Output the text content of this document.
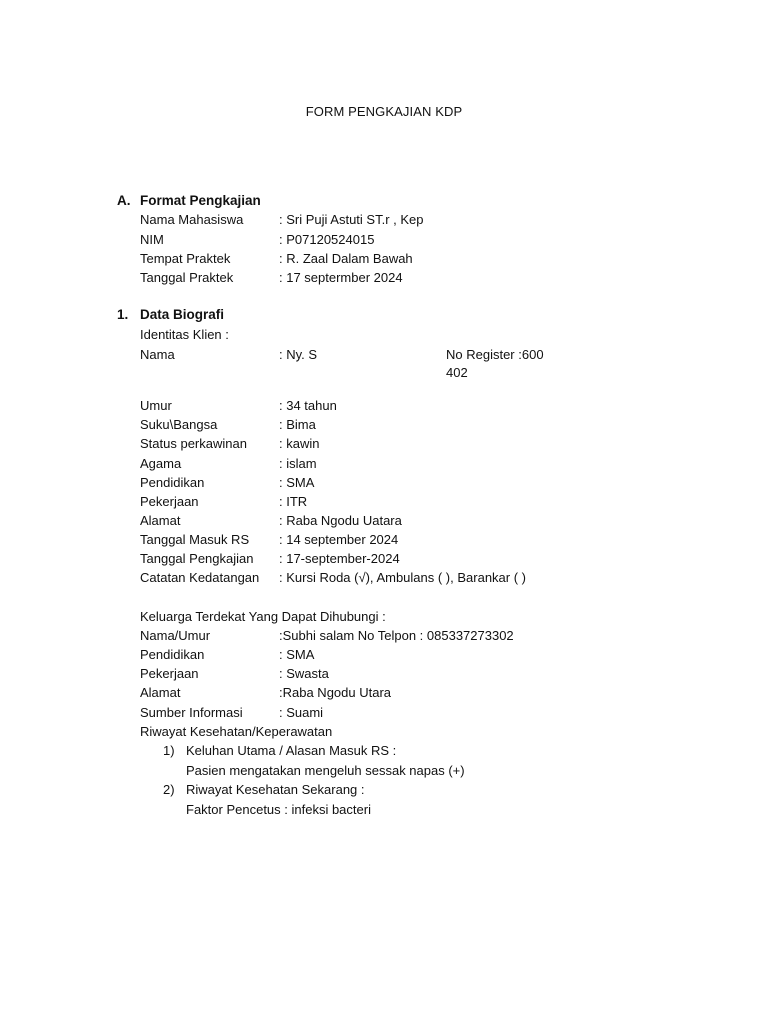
FORM PENGKAJIAN KDP
A. Format Pengkajian
Nama Mahasiswa	: Sri Puji Astuti ST.r , Kep
NIM	: P07120524015
Tempat Praktek	: R. Zaal Dalam Bawah
Tanggal Praktek	: 17 septermber 2024
1. Data Biografi
Identitas Klien :
Nama	: Ny. S	No Register :600402
Umur	: 34 tahun
Suku\Bangsa	: Bima
Status perkawinan : kawin
Agama	: islam
Pendidikan	: SMA
Pekerjaan	: ITR
Alamat	: Raba Ngodu Uatara
Tanggal Masuk RS : 14 september 2024
Tanggal Pengkajian : 17-september-2024
Catatan Kedatangan : Kursi Roda (√), Ambulans ( ), Barankar ( )
Keluarga Terdekat Yang Dapat Dihubungi :
Nama/Umur	:Subhi salam No Telpon : 085337273302
Pendidikan	: SMA
Pekerjaan	: Swasta
Alamat	:Raba Ngodu Utara
Sumber Informasi	: Suami
Riwayat Kesehatan/Keperawatan
1) Keluhan Utama / Alasan Masuk RS :
Pasien mengatakan mengeluh sessak napas (+)
2) Riwayat Kesehatan Sekarang :
Faktor Pencetus : infeksi bacteri
